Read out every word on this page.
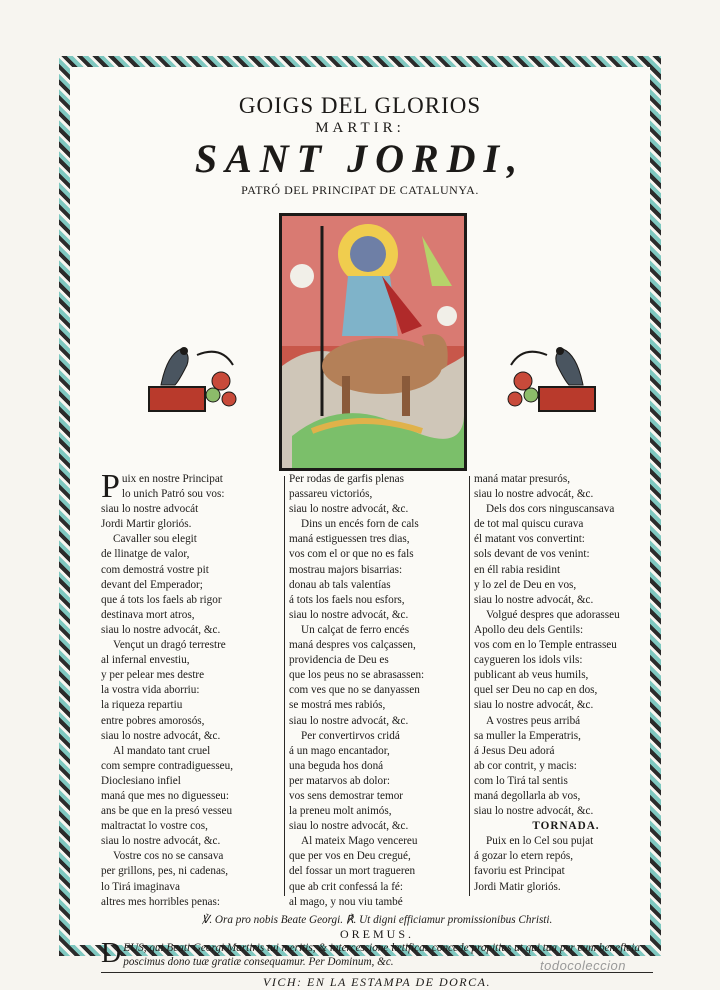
GOIGS DEL GLORIOS
MARTIR:
SANT JORDI,
PATRÓ DEL PRINCIPAT DE CATALUNYA.
P uix en nostre Principat
lo unich Patró sou vos:
siau lo nostre advocát
Jordi Martir gloriós.
Cavaller sou elegit
de llinatge de valor,
com demostrá vostre pit
devant del Emperador;
que á tots los faels ab rigor
destinava mort atros,
siau lo nostre advocát, &c.
Vençut un dragó terrestre
al infernal envestiu,
y per pelear mes destre
la vostra vida aborriu:
la riqueza repartiu
entre pobres amorosós,
siau lo nostre advocát, &c.
Al mandato tant cruel
com sempre contradiguesseu,
Dioclesiano infiel
maná que mes no diguesseu:
ans be que en la presó vesseu
maltractat lo vostre cos,
siau lo nostre advocát, &c.
Vostre cos no se cansava
per grillons, pes, ni cadenas,
lo Tirá imaginava
altres mes horribles penas:
Per rodas de garfis plenas
passareu victoriós,
siau lo nostre advocát, &c.
Dins un encés forn de cals
maná estiguessen tres dias,
vos com el or que no es fals
mostrau majors bisarrias:
donau ab tals valentías
á tots los faels nou esfors,
siau lo nostre advocát, &c.
Un calçat de ferro encés
maná despres vos calçassen,
providencia de Deu es
que los peus no se abrasassen:
com ves que no se danyassen
se mostrá mes rabiós,
siau lo nostre advocát, &c.
Per convertirvos cridá
á un mago encantador,
una beguda hos doná
per matarvos ab dolor:
vos sens demostrar temor
la preneu molt animós,
siau lo nostre advocát, &c.
Al mateix Mago vencereu
que per vos en Deu cregué,
del fossar un mort tragueren
que ab crit confessá la fé:
al mago, y nou viu també
maná matar presurós,
siau lo nostre advocát, &c.
Dels dos cors ninguscansava
de tot mal quiscu curava
él matant vos convertint:
sols devant de vos venint:
en éll rabia residint
y lo zel de Deu en vos,
siau lo nostre advocát, &c.
Volgué despres que adorasseu
Apollo deu dels Gentils:
vos com en lo Temple entrasseu
caygueren los idols vils:
publicant ab veus humils,
quel ser Deu no cap en dos,
siau lo nostre advocát, &c.
A vostres peus arribá
sa muller la Emperatris,
á Jesus Deu adorá
ab cor contrit, y macis:
com lo Tirá tal sentis
maná degollarla ab vos,
siau lo nostre advocát, &c.
TORNADA.
Puix en lo Cel sou pujat
á gozar lo etern repós,
favoriu est Principat
Jordi Matir gloriós.
℣. Ora pro nobis Beate Georgi. ℟. Ut digni efficiamur promissionibus Christi.
OREMUS.
DEUS, qui Beati Georgi Martiris tui meritis, & intercessione lætificas concede propitius ut qui tua per eum beneficia poscimus dono tuæ gratiæ consequamur. Per Dominum, &c.
VICH: EN LA ESTAMPA DE DORCA.
todocoleccion
